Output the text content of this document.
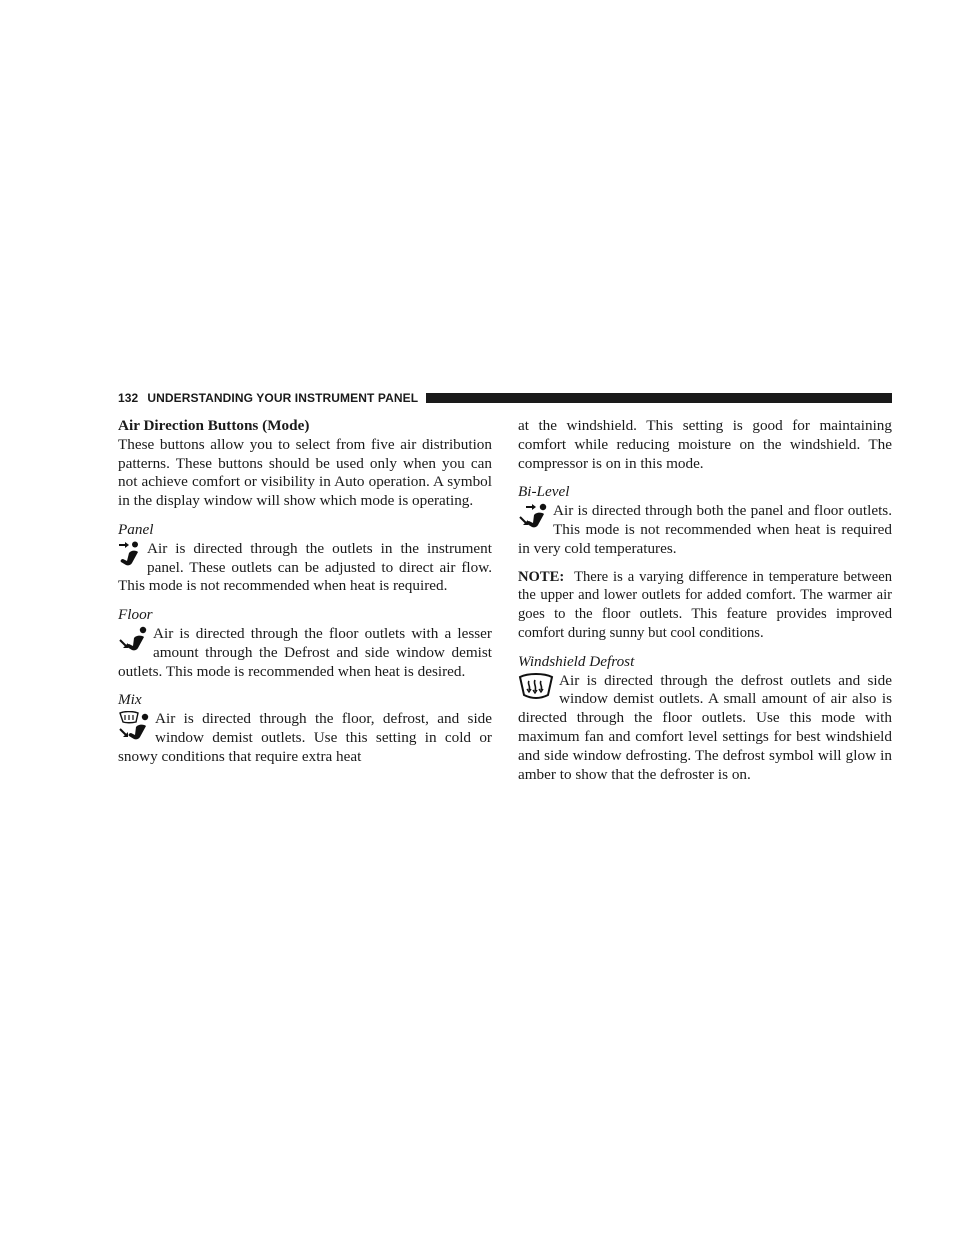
132 UNDERSTANDING YOUR INSTRUMENT PANEL

Air Direction Buttons (Mode)

These buttons allow you to select from five air distribution patterns. These buttons should be used only when you can not achieve comfort or visibility in Auto operation. A symbol in the display window will show which mode is operating.

Panel

Air is directed through the outlets in the instrument panel. These outlets can be adjusted to direct air flow. This mode is not recommended when heat is required.

Floor

Air is directed through the floor outlets with a lesser amount through the Defrost and side window demist outlets. This mode is recommended when heat is desired.

Mix

Air is directed through the floor, defrost, and side window demist outlets. Use this setting in cold or snowy conditions that require extra heat

at the windshield. This setting is good for maintaining comfort while reducing moisture on the windshield. The compressor is on in this mode.

Bi-Level

Air is directed through both the panel and floor outlets. This mode is not recommended when heat is required in very cold temperatures.

NOTE: There is a varying difference in temperature between the upper and lower outlets for added comfort. The warmer air goes to the floor outlets. This feature provides improved comfort during sunny but cool conditions.

Windshield Defrost

Air is directed through the defrost outlets and side window demist outlets. A small amount of air also is directed through the floor outlets. Use this mode with maximum fan and comfort level settings for best windshield and side window defrosting. The defrost symbol will glow in amber to show that the defroster is on.
